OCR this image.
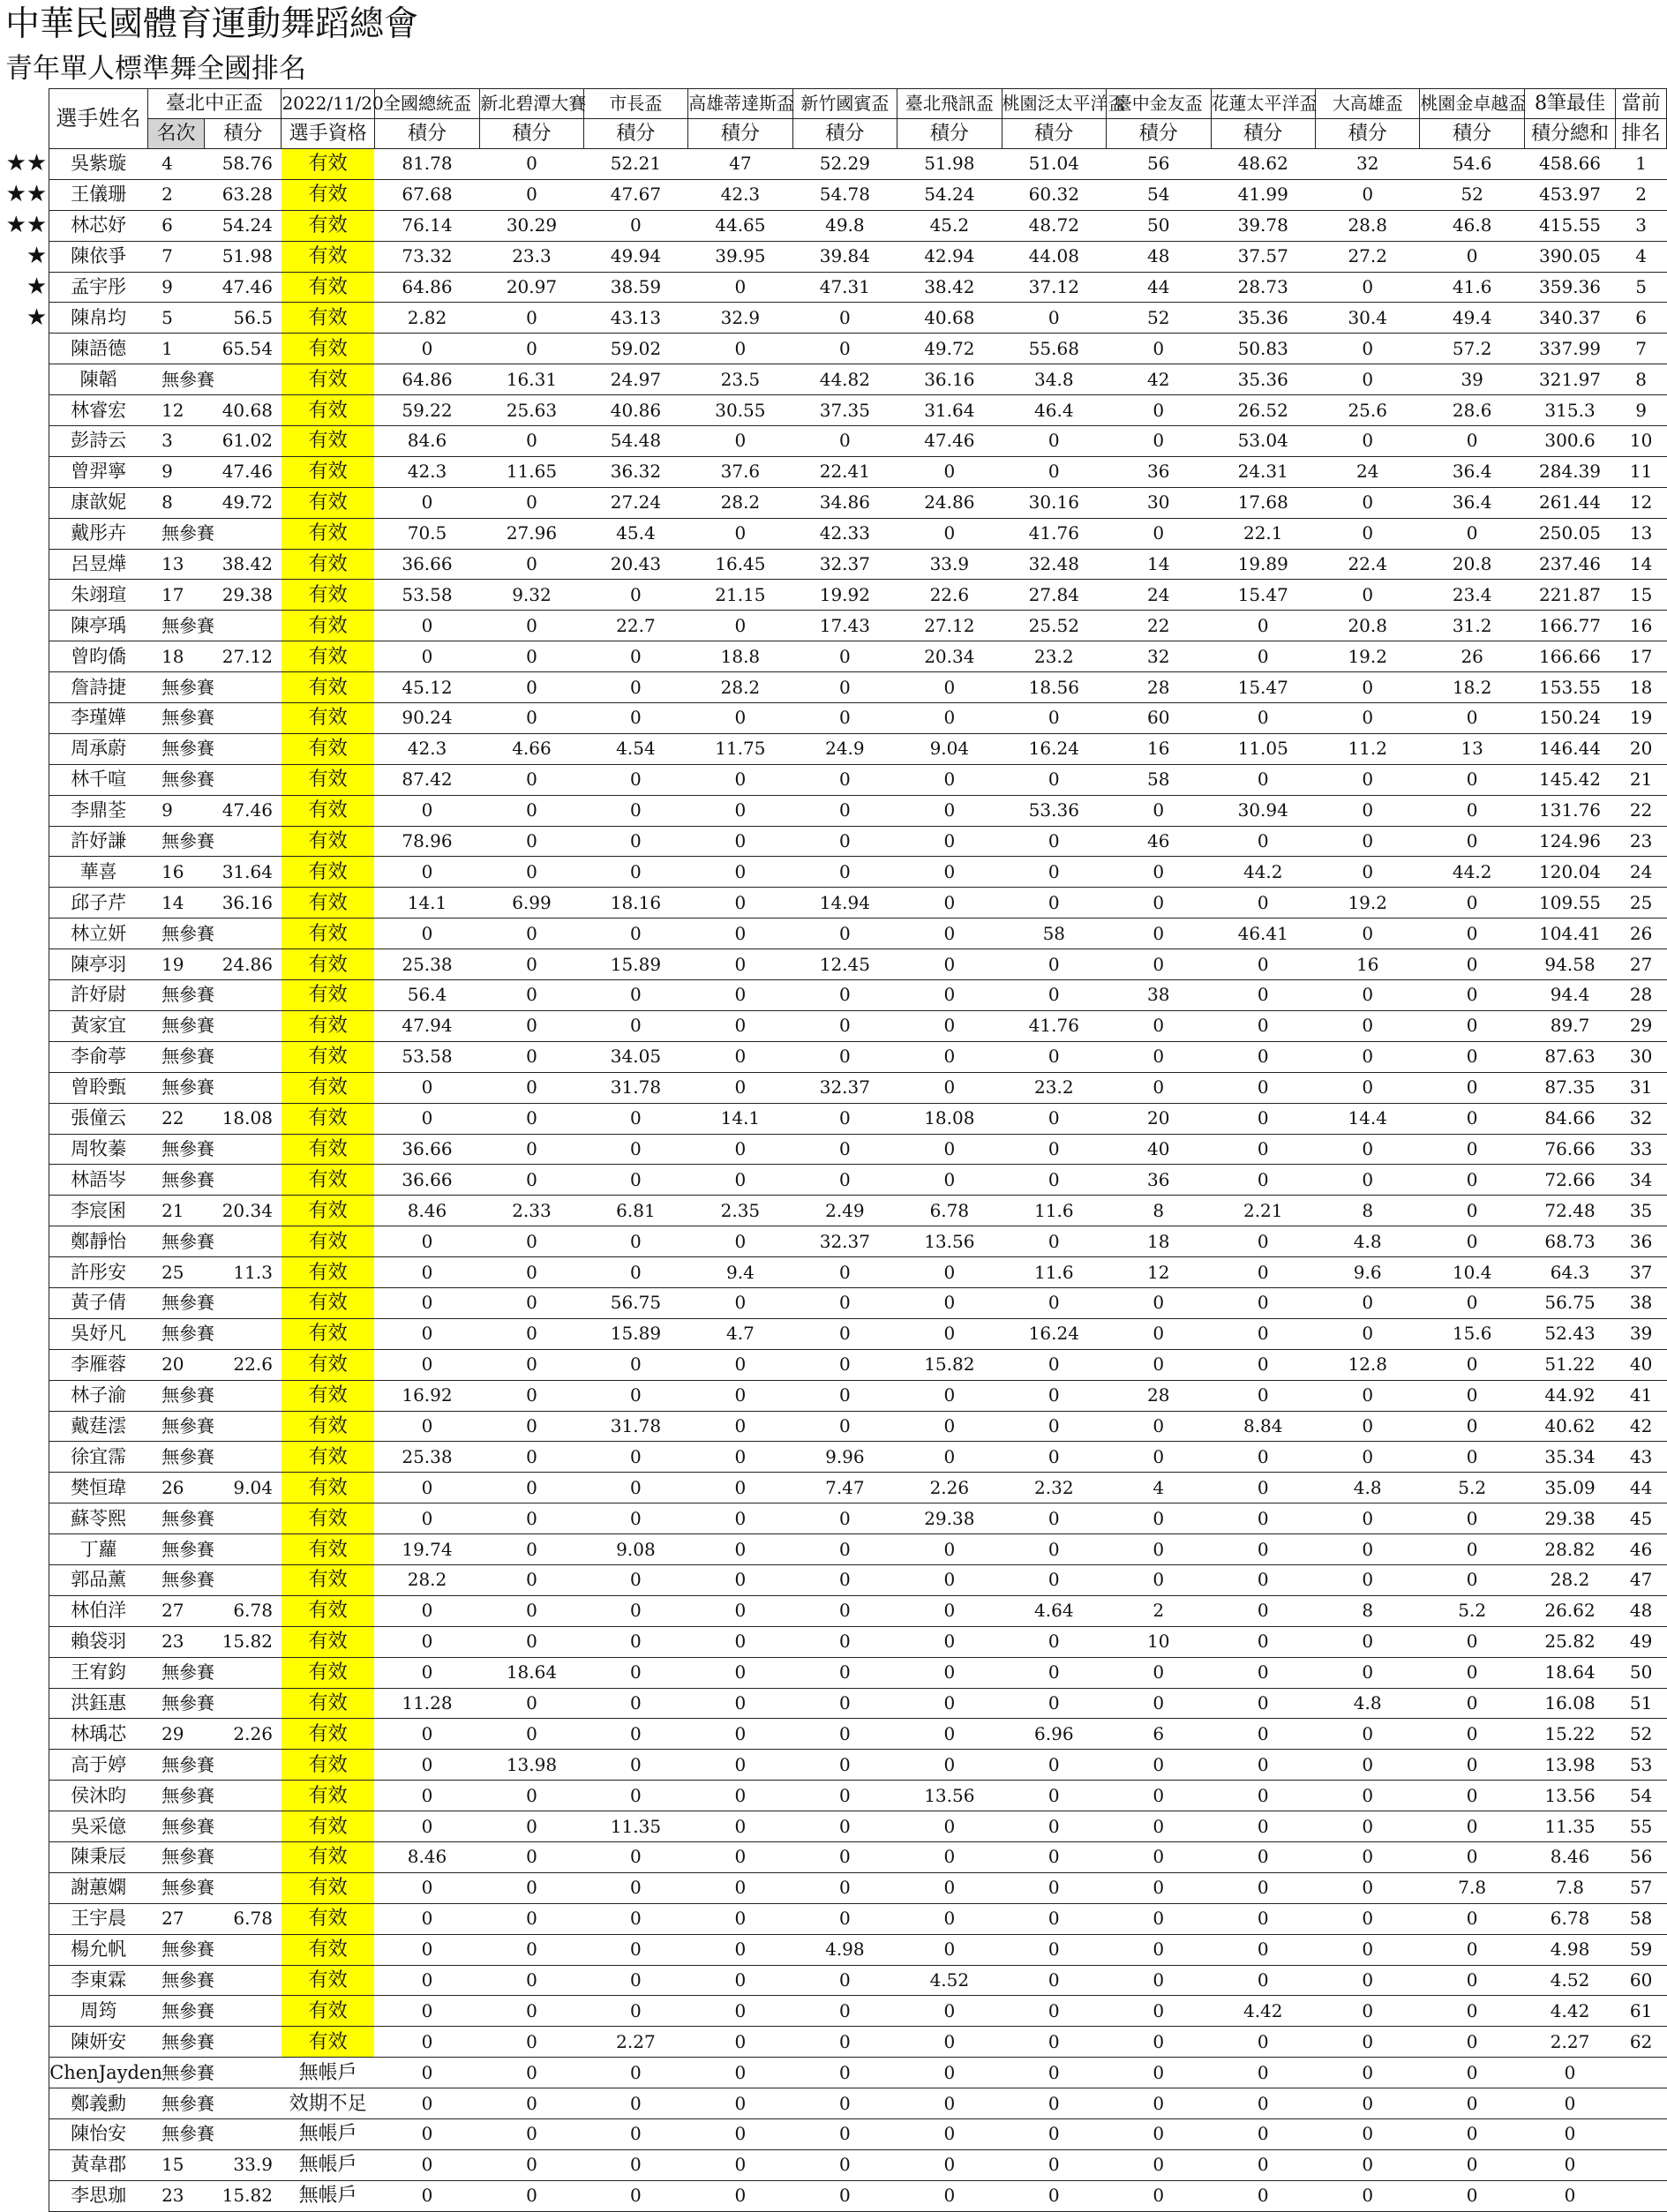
中華民國體育運動舞蹈總會
青年單人標準舞全國排名
	選手姓名	臺北中正盃		2022/11/20	全國總統盃	新北碧潭大賽	市長盃	高雄蒂達斯盃	新竹國賓盃	臺北飛訊盃	桃園泛太平洋盃	臺中金友盃	花蓮太平洋盃	大高雄盃	桃園金卓越盃	8筆最佳	當前
		名次	積分	選手資格	積分	積分	積分	積分	積分	積分	積分	積分	積分	積分	積分	積分總和	排名
★★	吳紫璇	4	58.76	有效	81.78	0	52.21	47	52.29	51.98	51.04	56	48.62	32	54.6	458.66	1
★★	王儀珊	2	63.28	有效	67.68	0	47.67	42.3	54.78	54.24	60.32	54	41.99	0	52	453.97	2
★★	林芯妤	6	54.24	有效	76.14	30.29	0	44.65	49.8	45.2	48.72	50	39.78	28.8	46.8	415.55	3
★	陳依爭	7	51.98	有效	73.32	23.3	49.94	39.95	39.84	42.94	44.08	48	37.57	27.2	0	390.05	4
★	孟宇彤	9	47.46	有效	64.86	20.97	38.59	0	47.31	38.42	37.12	44	28.73	0	41.6	359.36	5
★	陳帛均	5	56.5	有效	2.82	0	43.13	32.9	0	40.68	0	52	35.36	30.4	49.4	340.37	6
	陳語德	1	65.54	有效	0	0	59.02	0	0	49.72	55.68	0	50.83	0	57.2	337.99	7
	陳韜	無參賽		有效	64.86	16.31	24.97	23.5	44.82	36.16	34.8	42	35.36	0	39	321.97	8
	林睿宏	12	40.68	有效	59.22	25.63	40.86	30.55	37.35	31.64	46.4	0	26.52	25.6	28.6	315.3	9
	彭詩云	3	61.02	有效	84.6	0	54.48	0	0	47.46	0	0	53.04	0	0	300.6	10
	曾羿寧	9	47.46	有效	42.3	11.65	36.32	37.6	22.41	0	0	36	24.31	24	36.4	284.39	11
	康歆妮	8	49.72	有效	0	0	27.24	28.2	34.86	24.86	30.16	30	17.68	0	36.4	261.44	12
	戴彤卉	無參賽		有效	70.5	27.96	45.4	0	42.33	0	41.76	0	22.1	0	0	250.05	13
	呂昱燁	13	38.42	有效	36.66	0	20.43	16.45	32.37	33.9	32.48	14	19.89	22.4	20.8	237.46	14
	朱翊瑄	17	29.38	有效	53.58	9.32	0	21.15	19.92	22.6	27.84	24	15.47	0	23.4	221.87	15
	陳亭瑀	無參賽		有效	0	0	22.7	0	17.43	27.12	25.52	22	0	20.8	31.2	166.77	16
	曾昀僑	18	27.12	有效	0	0	0	18.8	0	20.34	23.2	32	0	19.2	26	166.66	17
	詹詩捷	無參賽		有效	45.12	0	0	28.2	0	0	18.56	28	15.47	0	18.2	153.55	18
	李瑾嬅	無參賽		有效	90.24	0	0	0	0	0	0	60	0	0	0	150.24	19
	周承蔚	無參賽		有效	42.3	4.66	4.54	11.75	24.9	9.04	16.24	16	11.05	11.2	13	146.44	20
	林千喧	無參賽		有效	87.42	0	0	0	0	0	0	58	0	0	0	145.42	21
	李鼎荃	9	47.46	有效	0	0	0	0	0	0	53.36	0	30.94	0	0	131.76	22
	許妤謙	無參賽		有效	78.96	0	0	0	0	0	0	46	0	0	0	124.96	23
	華喜	16	31.64	有效	0	0	0	0	0	0	0	0	44.2	0	44.2	120.04	24
	邱子芹	14	36.16	有效	14.1	6.99	18.16	0	14.94	0	0	0	0	19.2	0	109.55	25
	林立妍	無參賽		有效	0	0	0	0	0	0	58	0	46.41	0	0	104.41	26
	陳亭羽	19	24.86	有效	25.38	0	15.89	0	12.45	0	0	0	0	16	0	94.58	27
	許妤尉	無參賽		有效	56.4	0	0	0	0	0	0	38	0	0	0	94.4	28
	黃家宜	無參賽		有效	47.94	0	0	0	0	0	41.76	0	0	0	0	89.7	29
	李俞葶	無參賽		有效	53.58	0	34.05	0	0	0	0	0	0	0	0	87.63	30
	曾聆甄	無參賽		有效	0	0	31.78	0	32.37	0	23.2	0	0	0	0	87.35	31
	張僮云	22	18.08	有效	0	0	0	14.1	0	18.08	0	20	0	14.4	0	84.66	32
	周牧蓁	無參賽		有效	36.66	0	0	0	0	0	0	40	0	0	0	76.66	33
	林語岑	無參賽		有效	36.66	0	0	0	0	0	0	36	0	0	0	72.66	34
	李宸囷	21	20.34	有效	8.46	2.33	6.81	2.35	2.49	6.78	11.6	8	2.21	8	0	72.48	35
	鄭靜怡	無參賽		有效	0	0	0	0	32.37	13.56	0	18	0	4.8	0	68.73	36
	許彤安	25	11.3	有效	0	0	0	9.4	0	0	11.6	12	0	9.6	10.4	64.3	37
	黃子倩	無參賽		有效	0	0	56.75	0	0	0	0	0	0	0	0	56.75	38
	吳妤凡	無參賽		有效	0	0	15.89	4.7	0	0	16.24	0	0	0	15.6	52.43	39
	李雁蓉	20	22.6	有效	0	0	0	0	0	15.82	0	0	0	12.8	0	51.22	40
	林子渝	無參賽		有效	16.92	0	0	0	0	0	0	28	0	0	0	44.92	41
	戴莛澐	無參賽		有效	0	0	31.78	0	0	0	0	0	8.84	0	0	40.62	42
	徐宜霈	無參賽		有效	25.38	0	0	0	9.96	0	0	0	0	0	0	35.34	43
	樊恒瑋	26	9.04	有效	0	0	0	0	7.47	2.26	2.32	4	0	4.8	5.2	35.09	44
	蘇苓熙	無參賽		有效	0	0	0	0	0	29.38	0	0	0	0	0	29.38	45
	丁蘿	無參賽		有效	19.74	0	9.08	0	0	0	0	0	0	0	0	28.82	46
	郭品薰	無參賽		有效	28.2	0	0	0	0	0	0	0	0	0	0	28.2	47
	林伯洋	27	6.78	有效	0	0	0	0	0	0	4.64	2	0	8	5.2	26.62	48
	賴袋羽	23	15.82	有效	0	0	0	0	0	0	0	10	0	0	0	25.82	49
	王宥鈞	無參賽		有效	0	18.64	0	0	0	0	0	0	0	0	0	18.64	50
	洪鈺惠	無參賽		有效	11.28	0	0	0	0	0	0	0	0	4.8	0	16.08	51
	林瑀芯	29	2.26	有效	0	0	0	0	0	0	6.96	6	0	0	0	15.22	52
	高于婷	無參賽		有效	0	13.98	0	0	0	0	0	0	0	0	0	13.98	53
	侯沐昀	無參賽		有效	0	0	0	0	0	13.56	0	0	0	0	0	13.56	54
	吳采億	無參賽		有效	0	0	11.35	0	0	0	0	0	0	0	0	11.35	55
	陳秉辰	無參賽		有效	8.46	0	0	0	0	0	0	0	0	0	0	8.46	56
	謝蕙嫻	無參賽		有效	0	0	0	0	0	0	0	0	0	0	7.8	7.8	57
	王宇晨	27	6.78	有效	0	0	0	0	0	0	0	0	0	0	0	6.78	58
	楊允帆	無參賽		有效	0	0	0	0	4.98	0	0	0	0	0	0	4.98	59
	李東霖	無參賽		有效	0	0	0	0	0	4.52	0	0	0	0	0	4.52	60
	周筠	無參賽		有效	0	0	0	0	0	0	0	0	4.42	0	0	4.42	61
	陳妍安	無參賽		有效	0	0	2.27	0	0	0	0	0	0	0	0	2.27	62
	ChenJayden	無參賽		無帳戶	0	0	0	0	0	0	0	0	0	0	0	0	
	鄭義勳	無參賽		效期不足	0	0	0	0	0	0	0	0	0	0	0	0	
	陳怡安	無參賽		無帳戶	0	0	0	0	0	0	0	0	0	0	0	0	
	黃韋郡	15	33.9	無帳戶	0	0	0	0	0	0	0	0	0	0	0	0	
	李思珈	23	15.82	無帳戶	0	0	0	0	0	0	0	0	0	0	0	0	
